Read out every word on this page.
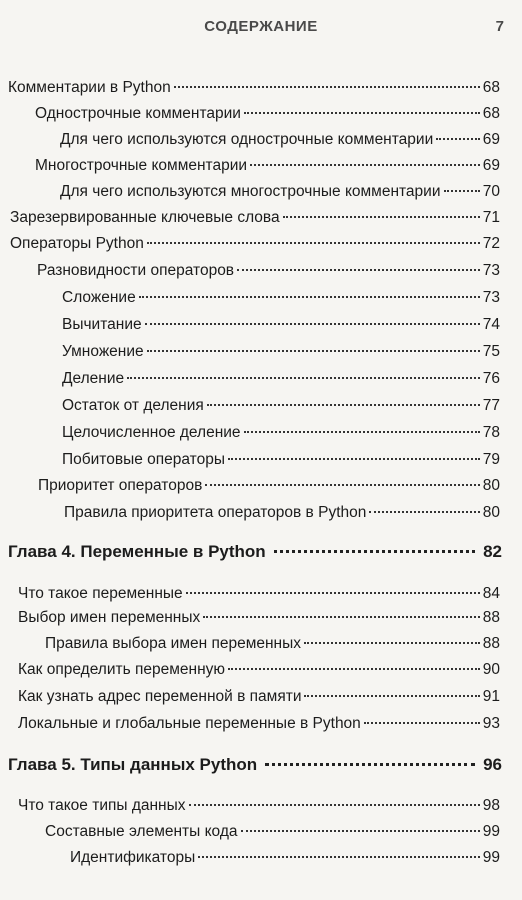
СОДЕРЖАНИЕ	7
Комментарии в Python	68
Однострочные комментарии	68
Для чего используются однострочные комментарии	69
Многострочные комментарии	69
Для чего используются многострочные комментарии	70
Зарезервированные ключевые слова	71
Операторы Python	72
Разновидности операторов	73
Сложение	73
Вычитание	74
Умножение	75
Деление	76
Остаток от деления	77
Целочисленное деление	78
Побитовые операторы	79
Приоритет операторов	80
Правила приоритета операторов в Python	80
Глава 4. Переменные в Python	82
Что такое переменные	84
Выбор имен переменных	88
Правила выбора имен переменных	88
Как определить переменную	90
Как узнать адрес переменной в памяти	91
Локальные и глобальные переменные в Python	93
Глава 5. Типы данных Python	96
Что такое типы данных	98
Составные элементы кода	99
Идентификаторы	99
